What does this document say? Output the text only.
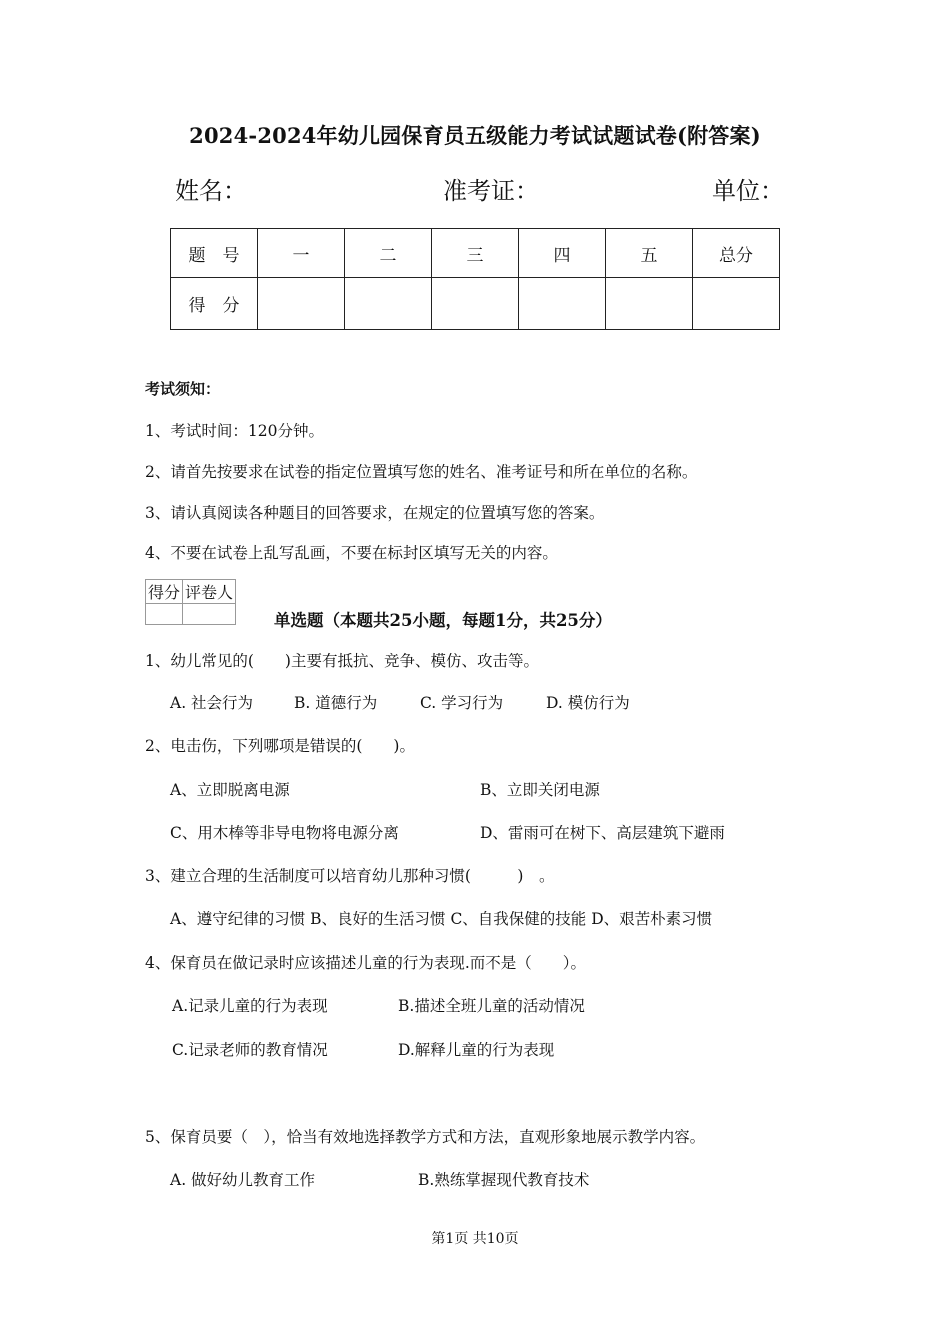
2024-2024年幼儿园保育员五级能力考试试题试卷(附答案)
姓名：	准考证：	单位：
题　号	一	二	三	四	五	总分
得　分						
考试须知：
1、考试时间：120分钟。
2、请首先按要求在试卷的指定位置填写您的姓名、准考证号和所在单位的名称。
3、请认真阅读各种题目的回答要求，在规定的位置填写您的答案。
4、不要在试卷上乱写乱画，不要在标封区填写无关的内容。
得分	评卷人

单选题（本题共25小题，每题1分，共25分）
1、幼儿常见的(　　)主要有抵抗、竞争、模仿、攻击等。
A. 社会行为	B. 道德行为	C. 学习行为	D. 模仿行为
2、电击伤，下列哪项是错误的(　　)。
A、立即脱离电源	B、立即关闭电源
C、用木棒等非导电物将电源分离	D、雷雨可在树下、高层建筑下避雨
3、建立合理的生活制度可以培育幼儿那种习惯(　　　)　。
A、遵守纪律的习惯 B、良好的生活习惯 C、自我保健的技能 D、艰苦朴素习惯
4、保育员在做记录时应该描述儿童的行为表现.而不是（　　）。
A.记录儿童的行为表现	B.描述全班儿童的活动情况
C.记录老师的教育情况	D.解释儿童的行为表现
5、保育员要（　），恰当有效地选择教学方式和方法，直观形象地展示教学内容。
A. 做好幼儿教育工作	B.熟练掌握现代教育技术
第1页 共10页
